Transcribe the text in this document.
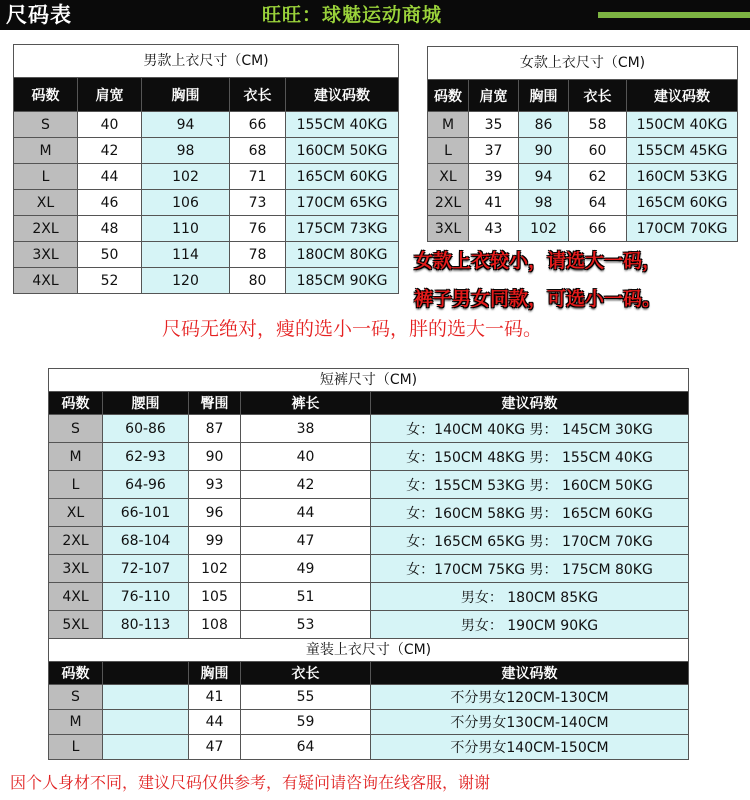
尺码表	旺旺：球魅运动商城
男款上衣尺寸（CM)
码数	肩宽	胸围	衣长	建议码数
S	40	94	66	155CM 40KG
M	42	98	68	160CM 50KG
L	44	102	71	165CM 60KG
XL	46	106	73	170CM 65KG
2XL	48	110	76	175CM 73KG
3XL	50	114	78	180CM 80KG
4XL	52	120	80	185CM 90KG
女款上衣尺寸（CM)
码数	肩宽	胸围	衣长	建议码数
M	35	86	58	150CM 40KG
L	37	90	60	155CM 45KG
XL	39	94	62	160CM 53KG
2XL	41	98	64	165CM 60KG
3XL	43	102	66	170CM 70KG
女款上衣较小，请选大一码，
裤子男女同款，可选小一码。
尺码无绝对，瘦的选小一码，胖的选大一码。
短裤尺寸（CM)
码数	腰围	臀围	裤长	建议码数
S	60-86	87	38	女：140CM 40KG 男： 145CM 30KG
M	62-93	90	40	女：150CM 48KG 男： 155CM 40KG
L	64-96	93	42	女：155CM 53KG 男： 160CM 50KG
XL	66-101	96	44	女：160CM 58KG 男： 165CM 60KG
2XL	68-104	99	47	女：165CM 65KG 男： 170CM 70KG
3XL	72-107	102	49	女：170CM 75KG 男： 175CM 80KG
4XL	76-110	105	51	男女： 180CM 85KG
5XL	80-113	108	53	男女： 190CM 90KG
童装上衣尺寸（CM)
码数		胸围	衣长	建议码数
S		41	55	不分男女120CM-130CM
M		44	59	不分男女130CM-140CM
L		47	64	不分男女140CM-150CM
因个人身材不同，建议尺码仅供参考，有疑问请咨询在线客服，谢谢
